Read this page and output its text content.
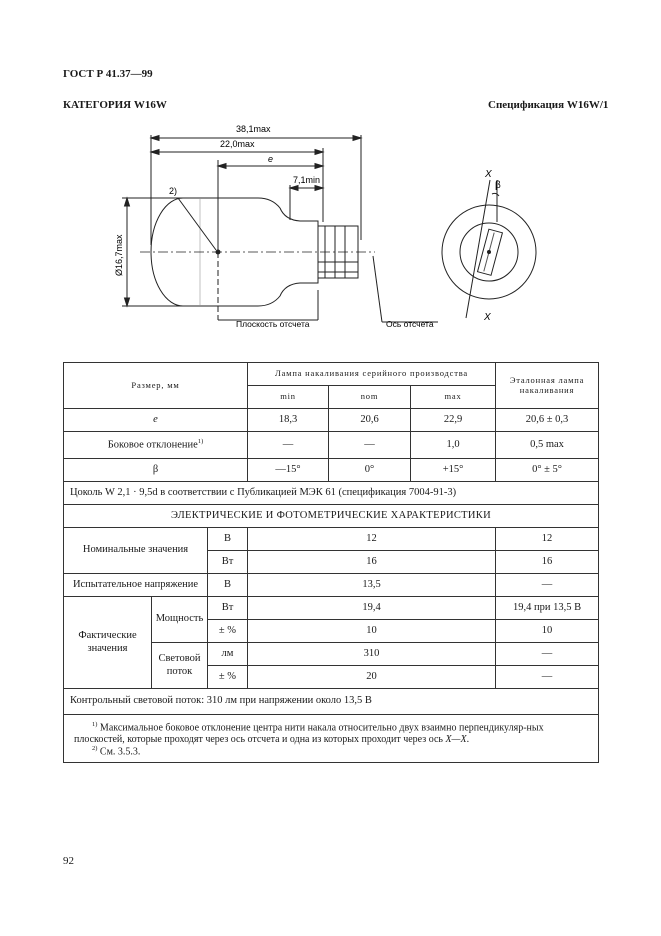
ГОСТ Р 41.37—99
КАТЕГОРИЯ W16W	Спецификация W16W/1
38,1max
22,0max
e
7,1min
Ø16,7max
2)
Плоскость отсчета	Ось отсчета
X
X
β
Размер, мм			Лампа накаливания серийного производства			Эталонная лампа накаливания
			min	nom	max	
e			18,3	20,6	22,9	20,6 ± 0,3
Боковое отклонение$^{1)}$			—	—	1,0	0,5 max
β			—15°	0°	+15°	0° ± 5°
Цоколь W 2,1 · 9,5d в соответствии с Публикацией МЭК 61 (спецификация 7004-91-3)						
ЭЛЕКТРИЧЕСКИЕ И ФОТОМЕТРИЧЕСКИЕ ХАРАКТЕРИСТИКИ						
Номинальные значения		В	12			12
		Вт	16			16
Испытательное напряжение		В	13,5			—
Фактические значения	Мощность	Вт	19,4			19,4 при 13,5 В
		± %	10			10
	Световой поток	лм	310			—
		± %	20			—
Контрольный световой поток: 310 лм при напряжении около 13,5 В						

$^{1)}$ Максимальное боковое отклонение центра нити накала относительно двух взаимно перпендикуляр-ных плоскостей, которые проходят через ось отсчета и одна из которых проходит через ось X—X.
$^{2)}$ См. 3.5.3.						
92
